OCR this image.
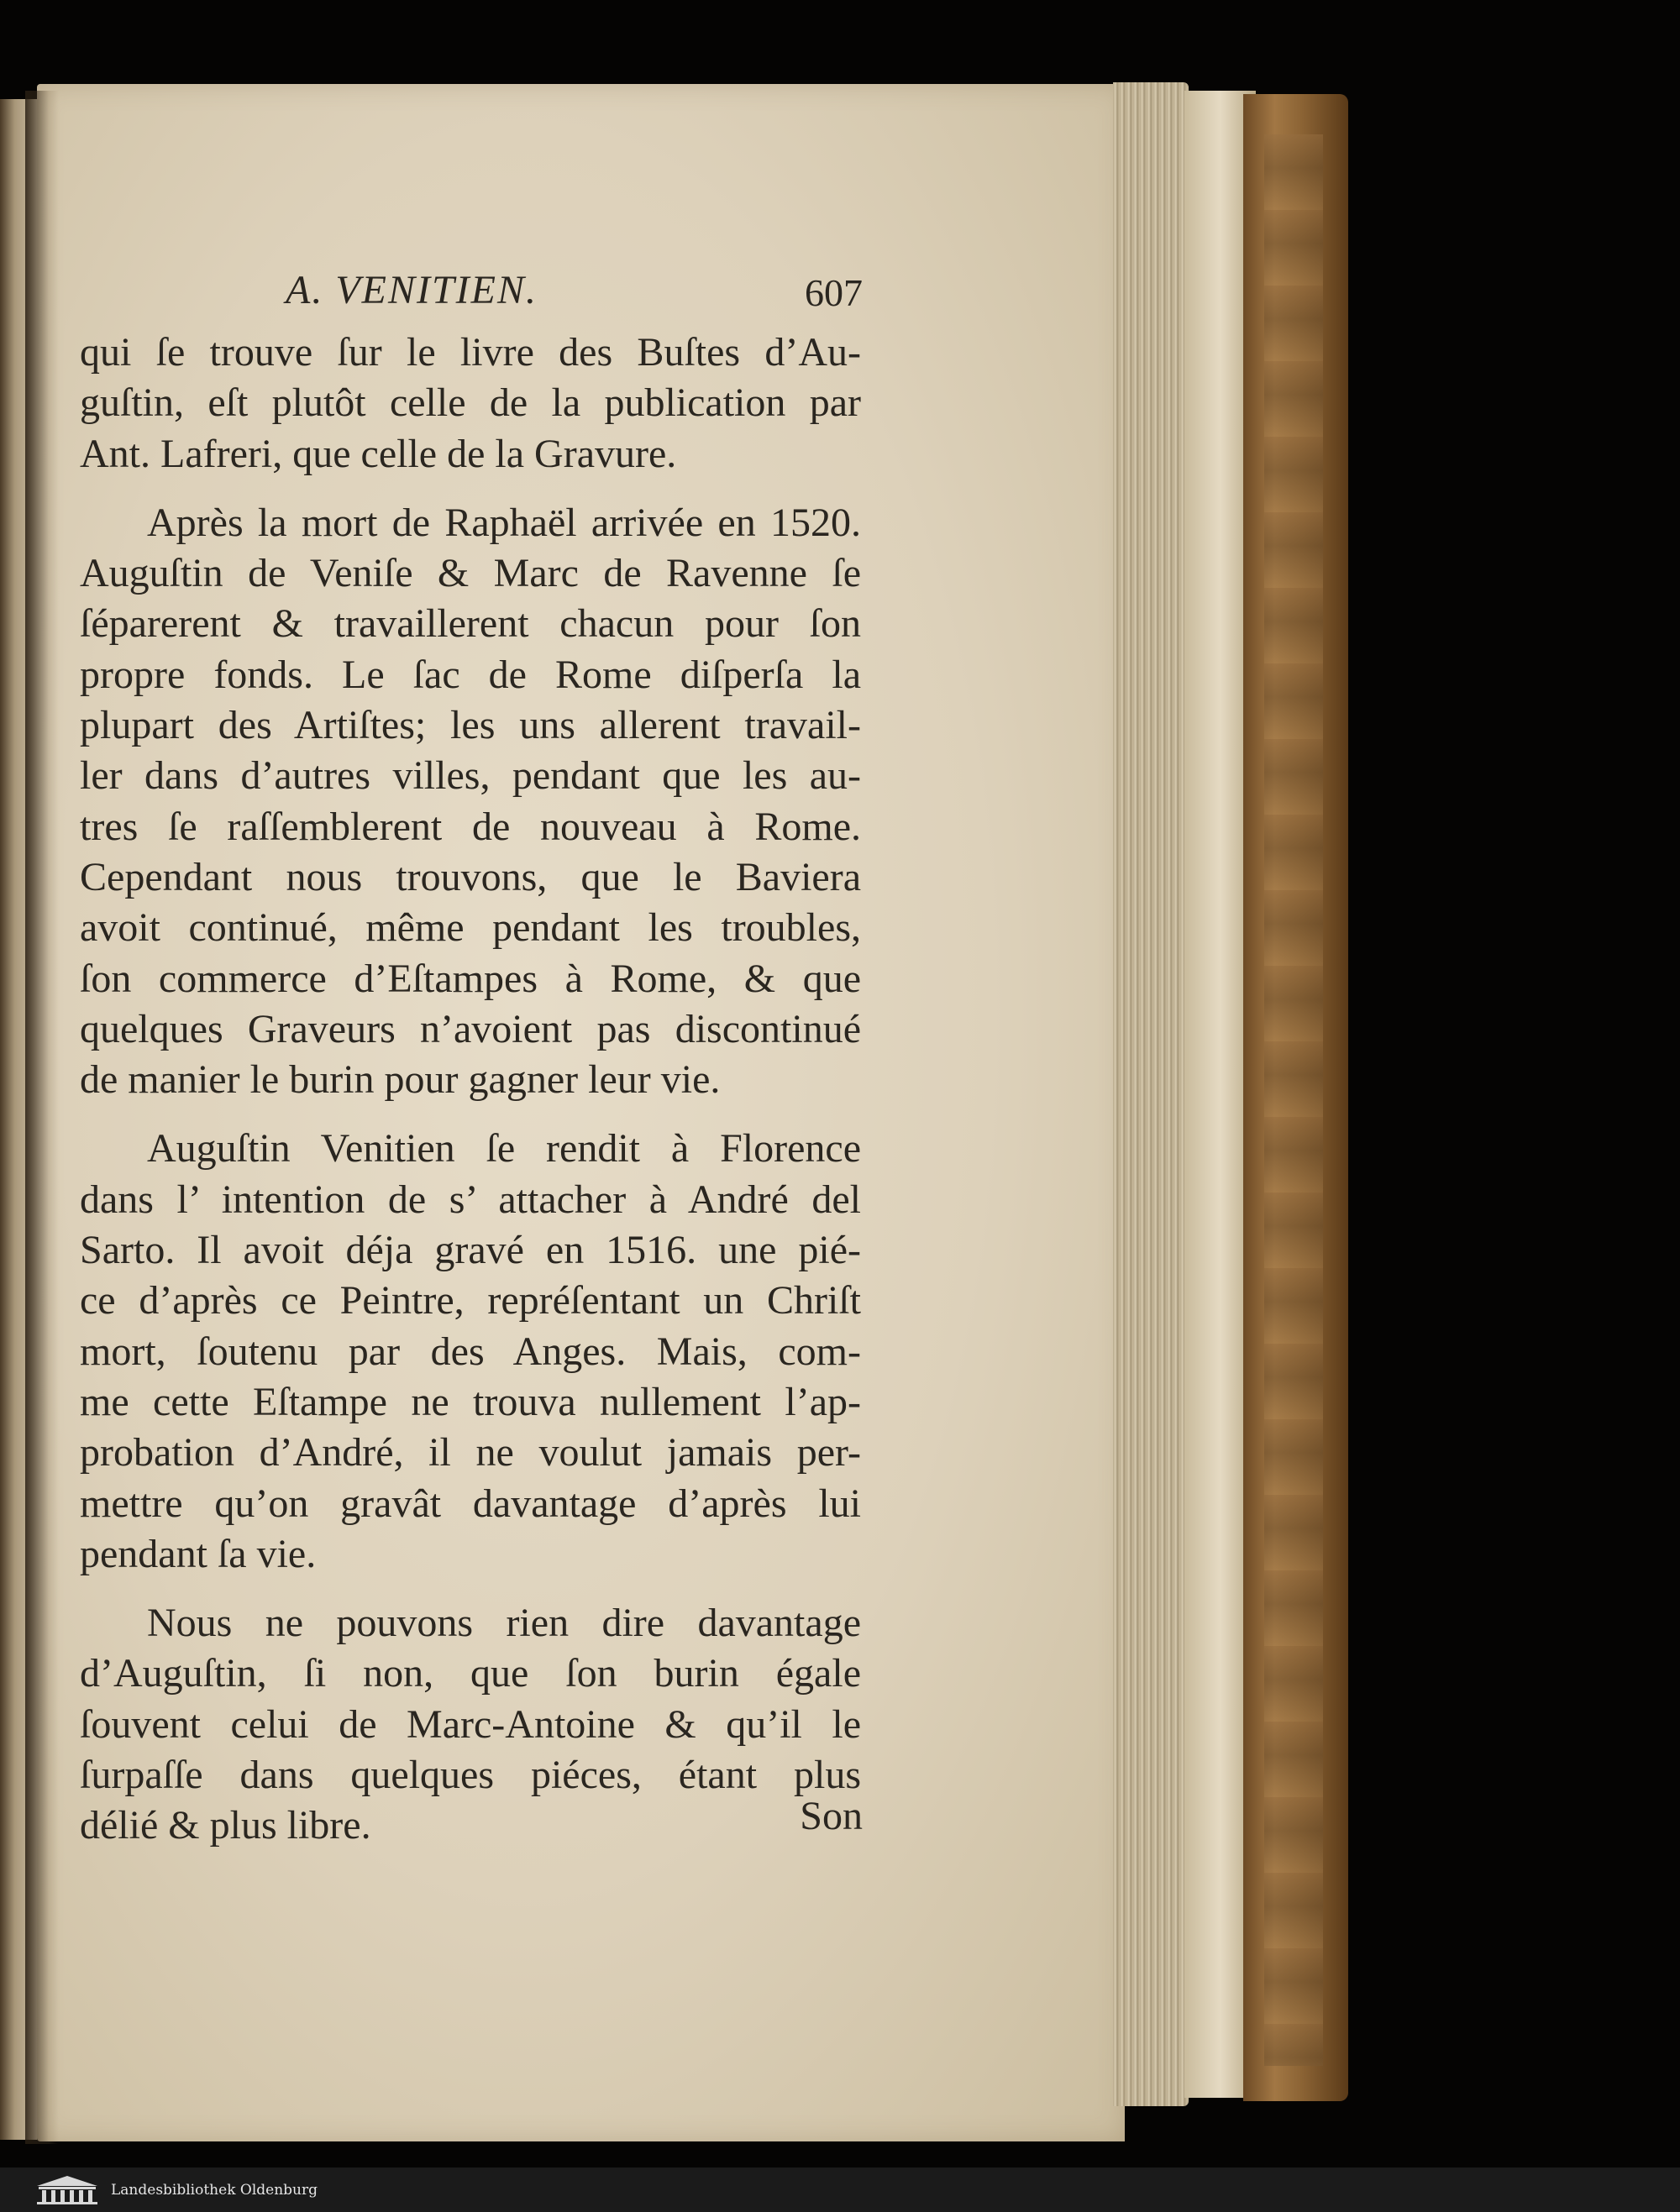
A. VENITIEN.	607
qui ſe trouve ſur le livre des Buſtes d’Au-
guſtin, eſt plutôt celle de la publication par
Ant. Lafreri, que celle de la Gravure.
Après la mort de Raphaël arrivée en 1520.
Auguſtin de Veniſe & Marc de Ravenne ſe
ſéparerent & travaillerent chacun pour ſon
propre fonds. Le ſac de Rome diſperſa la
plupart des Artiſtes; les uns allerent travail-
ler dans d’autres villes, pendant que les au-
tres ſe raſſemblerent de nouveau à Rome.
Cependant nous trouvons, que le Baviera
avoit continué, même pendant les troubles,
ſon commerce d’Eſtampes à Rome, & que
quelques Graveurs n’avoient pas discontinué
de manier le burin pour gagner leur vie.
Auguſtin Venitien ſe rendit à Florence
dans l’ intention de s’ attacher à André del
Sarto. Il avoit déja gravé en 1516. une pié-
ce d’après ce Peintre, repréſentant un Chriſt
mort, ſoutenu par des Anges. Mais, com-
me cette Eſtampe ne trouva nullement l’ap-
probation d’André, il ne voulut jamais per-
mettre qu’on gravât davantage d’après lui
pendant ſa vie.
Nous ne pouvons rien dire davantage
d’Auguſtin, ſi non, que ſon burin égale
ſouvent celui de Marc-Antoine & qu’il le
ſurpaſſe dans quelques piéces, étant plus
délié & plus libre.	Son
Landesbibliothek Oldenburg
